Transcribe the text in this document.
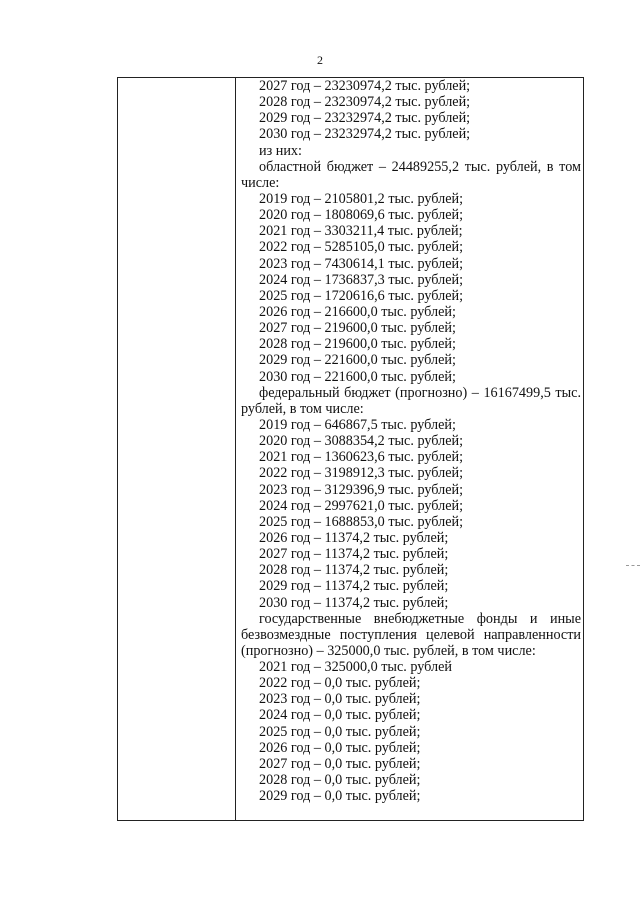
2
2027 год – 23230974,2 тыс. рублей;
2028 год – 23230974,2 тыс. рублей;
2029 год – 23232974,2 тыс. рублей;
2030 год – 23232974,2 тыс. рублей;
из них:
областной бюджет – 24489255,2 тыс. рублей, в том
числе:
2019 год – 2105801,2 тыс. рублей;
2020 год – 1808069,6 тыс. рублей;
2021 год – 3303211,4 тыс. рублей;
2022 год – 5285105,0 тыс. рублей;
2023 год – 7430614,1 тыс. рублей;
2024 год – 1736837,3 тыс. рублей;
2025 год – 1720616,6 тыс. рублей;
2026 год – 216600,0 тыс. рублей;
2027 год – 219600,0 тыс. рублей;
2028 год – 219600,0 тыс. рублей;
2029 год – 221600,0 тыс. рублей;
2030 год – 221600,0 тыс. рублей;
федеральный бюджет (прогнозно) – 16167499,5 тыс.
рублей, в том числе:
2019 год – 646867,5 тыс. рублей;
2020 год – 3088354,2 тыс. рублей;
2021 год – 1360623,6 тыс. рублей;
2022 год – 3198912,3 тыс. рублей;
2023 год – 3129396,9 тыс. рублей;
2024 год – 2997621,0 тыс. рублей;
2025 год – 1688853,0 тыс. рублей;
2026 год – 11374,2 тыс. рублей;
2027 год – 11374,2 тыс. рублей;
2028 год – 11374,2 тыс. рублей;
2029 год – 11374,2 тыс. рублей;
2030 год – 11374,2 тыс. рублей;
государственные внебюджетные фонды и иные
безвозмездные поступления целевой направленности
(прогнозно) – 325000,0 тыс. рублей, в том числе:
2021 год – 325000,0 тыс. рублей
2022 год – 0,0 тыс. рублей;
2023 год – 0,0 тыс. рублей;
2024 год – 0,0 тыс. рублей;
2025 год – 0,0 тыс. рублей;
2026 год – 0,0 тыс. рублей;
2027 год – 0,0 тыс. рублей;
2028 год – 0,0 тыс. рублей;
2029 год – 0,0 тыс. рублей;
